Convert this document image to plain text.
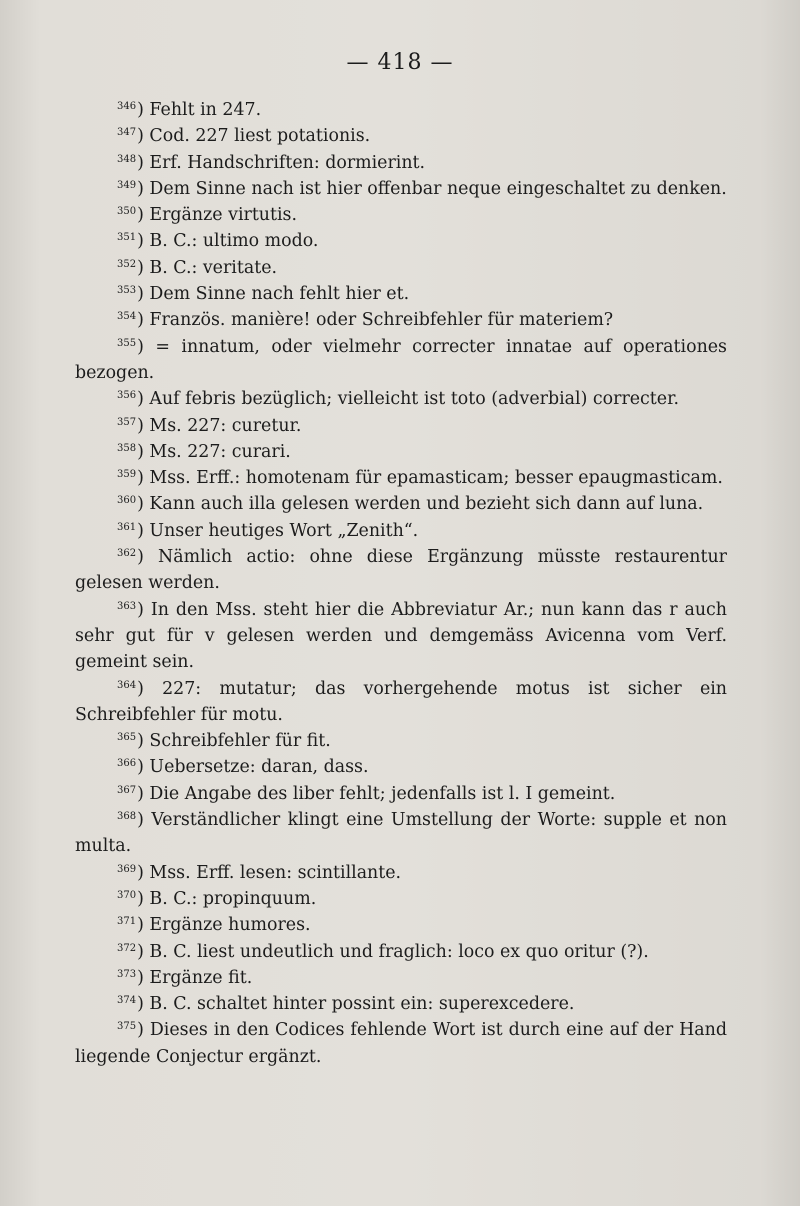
— 418 —

$^{346}$) Fehlt in 247.

$^{347}$) Cod. 227 liest potationis.

$^{348}$) Erf. Handschriften: dormierint.

$^{349}$) Dem Sinne nach ist hier offenbar neque eingeschaltet zu denken.

$^{350}$) Ergänze virtutis.

$^{351}$) B. C.: ultimo modo.

$^{352}$) B. C.: veritate.

$^{353}$) Dem Sinne nach fehlt hier et.

$^{354}$) Französ. manière! oder Schreibfehler für materiem?

$^{355}$) = innatum, oder vielmehr correcter innatae auf operationes bezogen.

$^{356}$) Auf febris bezüglich; vielleicht ist toto (adverbial) correcter.

$^{357}$) Ms. 227: curetur.

$^{358}$) Ms. 227: curari.

$^{359}$) Mss. Erff.: homotenam für epamasticam; besser epaugmasticam.

$^{360}$) Kann auch illa gelesen werden und bezieht sich dann auf luna.

$^{361}$) Unser heutiges Wort „Zenith“.

$^{362}$) Nämlich actio: ohne diese Ergänzung müsste restaurentur gelesen werden.

$^{363}$) In den Mss. steht hier die Abbreviatur Ar.; nun kann das r auch sehr gut für v gelesen werden und demgemäss Avicenna vom Verf. gemeint sein.

$^{364}$) 227: mutatur; das vorhergehende motus ist sicher ein Schreibfehler für motu.

$^{365}$) Schreibfehler für fit.

$^{366}$) Uebersetze: daran, dass.

$^{367}$) Die Angabe des liber fehlt; jedenfalls ist l. I gemeint.

$^{368}$) Verständlicher klingt eine Umstellung der Worte: supple et non multa.

$^{369}$) Mss. Erff. lesen: scintillante.

$^{370}$) B. C.: propinquum.

$^{371}$) Ergänze humores.

$^{372}$) B. C. liest undeutlich und fraglich: loco ex quo oritur (?).

$^{373}$) Ergänze fit.

$^{374}$) B. C. schaltet hinter possint ein: superexcedere.

$^{375}$) Dieses in den Codices fehlende Wort ist durch eine auf der Hand liegende Conjectur ergänzt.
